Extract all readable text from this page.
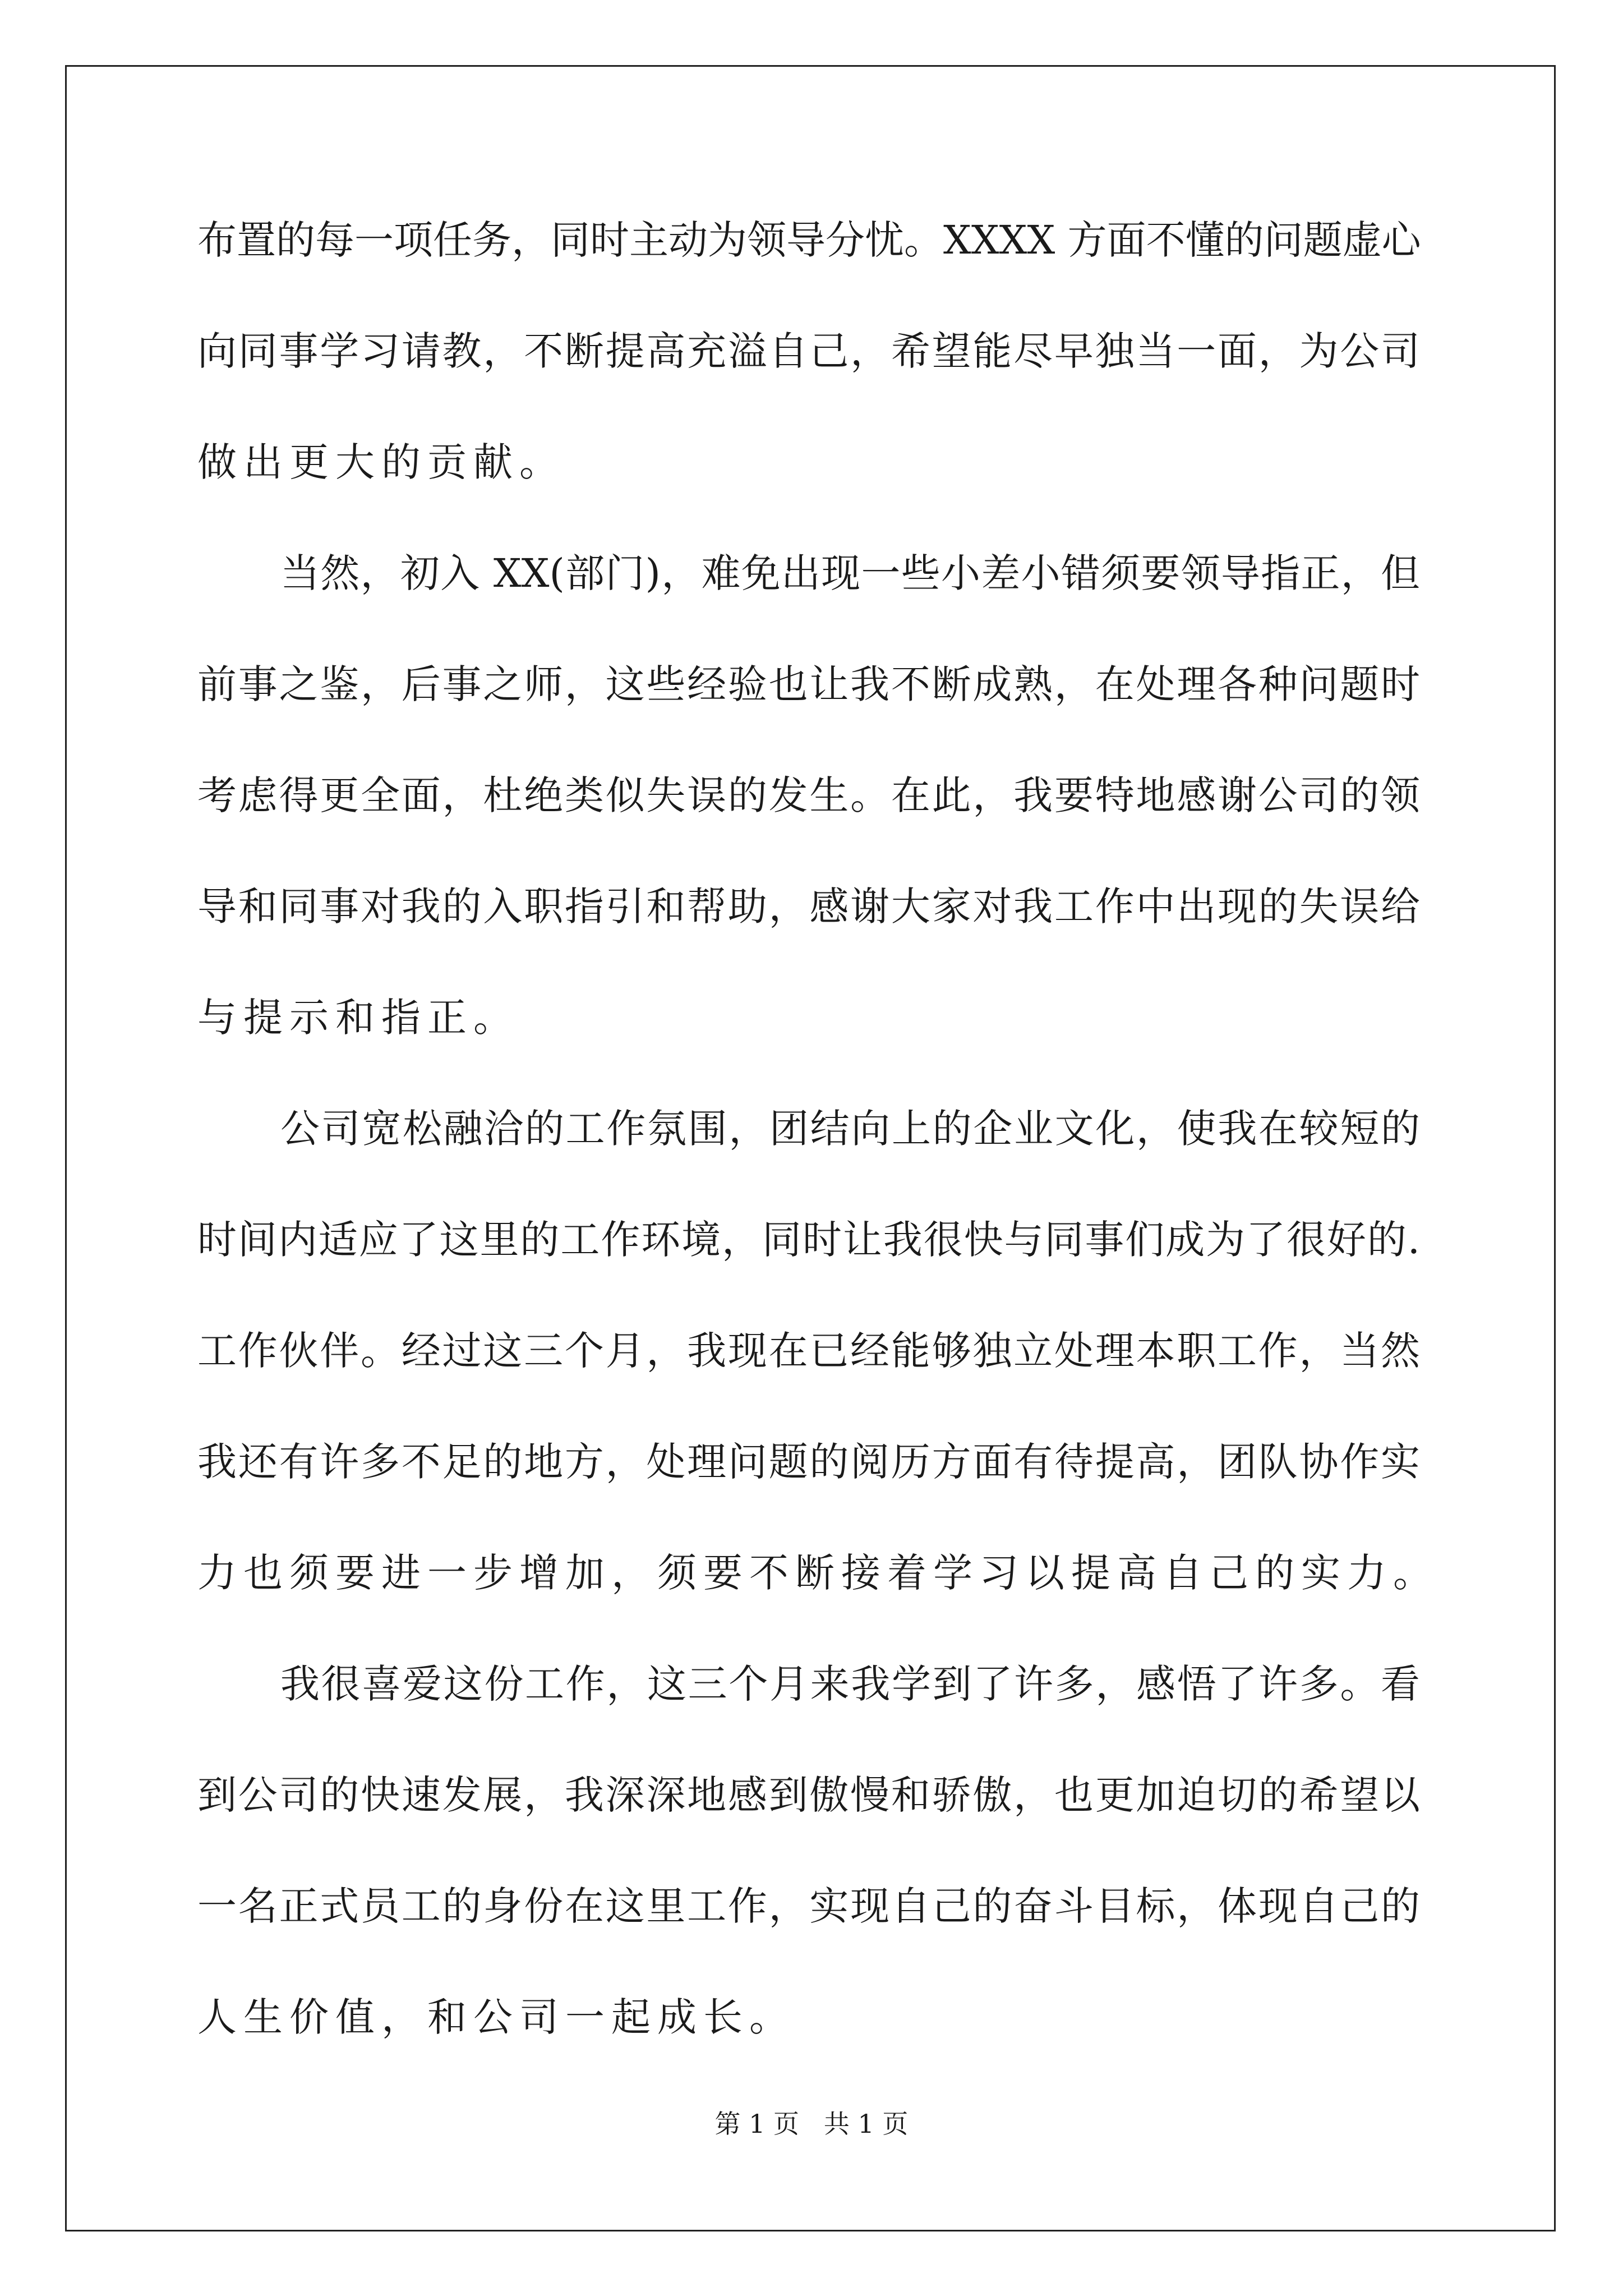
布置的每一项任务，同时主动为领导分忧。XXXX 方面不懂的问题虚心
向同事学习请教，不断提高充溢自己，希望能尽早独当一面，为公司
做出更大的贡献。
当然，初入 XX(部门)，难免出现一些小差小错须要领导指正，但
前事之鉴，后事之师，这些经验也让我不断成熟，在处理各种问题时
考虑得更全面，杜绝类似失误的发生。在此，我要特地感谢公司的领
导和同事对我的入职指引和帮助，感谢大家对我工作中出现的失误给
与提示和指正。
公司宽松融洽的工作氛围，团结向上的企业文化，使我在较短的
时间内适应了这里的工作环境，同时让我很快与同事们成为了很好的.
工作伙伴。经过这三个月，我现在已经能够独立处理本职工作，当然
我还有许多不足的地方，处理问题的阅历方面有待提高，团队协作实
力也须要进一步增加，须要不断接着学习以提高自己的实力。
我很喜爱这份工作，这三个月来我学到了许多，感悟了许多。看
到公司的快速发展，我深深地感到傲慢和骄傲，也更加迫切的希望以
一名正式员工的身份在这里工作，实现自己的奋斗目标，体现自己的
人生价值，和公司一起成长。
第 1 页   共 1 页
